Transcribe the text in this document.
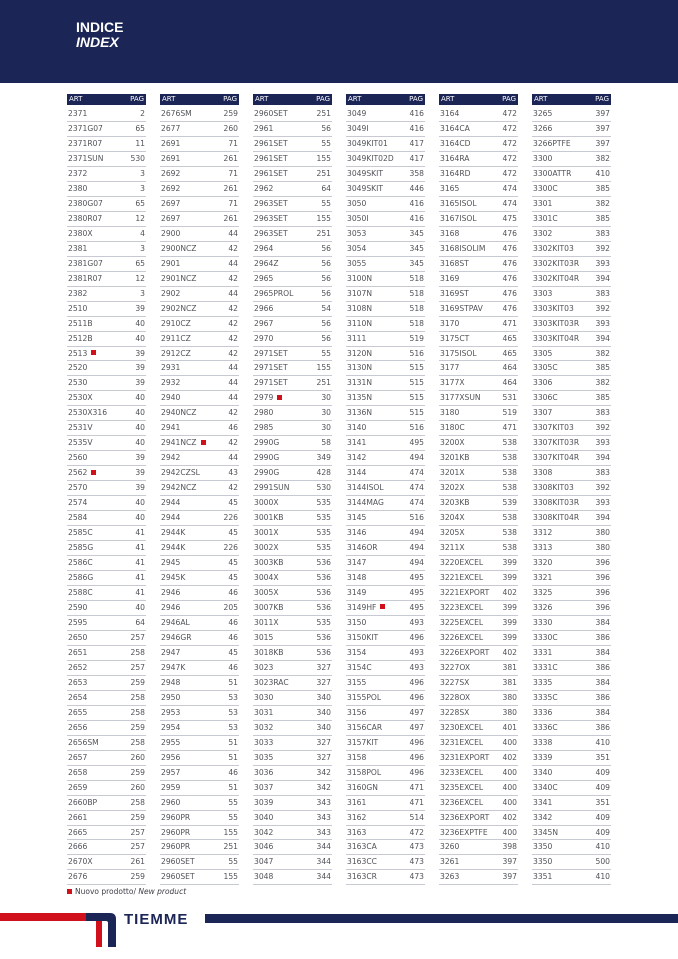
INDICE
INDEX
ART	PAG
2371	2
2371G07	65
2371R07	11
2371SUN	530
2372	3
2380	3
2380G07	65
2380R07	12
2380X	4
2381	3
2381G07	65
2381R07	12
2382	3
2510	39
2511B	40
2512B	40
2513	39
2520	39
2530	39
2530X	40
2530X316	40
2531V	40
2535V	40
2560	39
2562	39
2570	39
2574	40
2584	40
2585C	41
2585G	41
2586C	41
2586G	41
2588C	41
2590	40
2595	64
2650	257
2651	258
2652	257
2653	259
2654	258
2655	258
2656	259
2656SM	258
2657	260
2658	259
2659	260
2660BP	258
2661	259
2665	257
2666	257
2670X	261
2676	259
ART	PAG
2676SM	259
2677	260
2691	71
2691	261
2692	71
2692	261
2697	71
2697	261
2900	44
2900NCZ	42
2901	44
2901NCZ	42
2902	44
2902NCZ	42
2910CZ	42
2911CZ	42
2912CZ	42
2931	44
2932	44
2940	44
2940NCZ	42
2941	46
2941NCZ	42
2942	44
2942CZSL	43
2942NCZ	42
2944	45
2944	226
2944K	45
2944K	226
2945	45
2945K	45
2946	46
2946	205
2946AL	46
2946GR	46
2947	45
2947K	46
2948	51
2950	53
2953	53
2954	53
2955	51
2956	51
2957	46
2959	51
2960	55
2960PR	55
2960PR	155
2960PR	251
2960SET	55
2960SET	155
ART	PAG
2960SET	251
2961	56
2961SET	55
2961SET	155
2961SET	251
2962	64
2963SET	55
2963SET	155
2963SET	251
2964	56
2964Z	56
2965	56
2965PROL	56
2966	54
2967	56
2970	56
2971SET	55
2971SET	155
2971SET	251
2979	30
2980	30
2985	30
2990G	58
2990G	349
2990G	428
2991SUN	530
3000X	535
3001KB	535
3001X	535
3002X	535
3003KB	536
3004X	536
3005X	536
3007KB	536
3011X	535
3015	536
3018KB	536
3023	327
3023RAC	327
3030	340
3031	340
3032	340
3033	327
3035	327
3036	342
3037	342
3039	343
3040	343
3042	343
3046	344
3047	344
3048	344
ART	PAG
3049	416
3049I	416
3049KIT01	417
3049KIT02D 417
3049SKIT	358
3049SKIT	446
3050	416
3050I	416
3053	345
3054	345
3055	345
3100N	518
3107N	518
3108N	518
3110N	518
3111	519
3120N	516
3130N	515
3131N	515
3135N	515
3136N	515
3140	516
3141	495
3142	494
3144	474
3144ISOL	474
3144MAG	474
3145	516
3146	494
3146OR	494
3147	494
3148	495
3149	495
3149HF	495
3150	493
3150KIT	496
3154	493
3154C	493
3155	496
3155POL	496
3156	497
3156CAR	497
3157KIT	496
3158	496
3158POL	496
3160GN	471
3161	471
3162	514
3163	472
3163CA	473
3163CC	473
3163CR	473
ART	PAG
3164	472
3164CA	472
3164CD	472
3164RA	472
3164RD	472
3165	474
3165ISOL	474
3167ISOL	475
3168	476
3168ISOLIM 476
3168ST	476
3169	476
3169ST	476
3169STPAV	476
3170	471
3175CT	465
3175ISOL	465
3177	464
3177X	464
3177XSUN	531
3180	519
3180C	471
3200X	538
3201KB	538
3201X	538
3202X	538
3203KB	539
3204X	538
3205X	538
3211X	538
3220EXCEL	399
3221EXCEL	399
3221EXPORT 402
3223EXCEL	399
3225EXCEL	399
3226EXCEL	399
3226EXPORT 402
3227OX	381
3227SX	381
3228OX	380
3228SX	380
3230EXCEL	401
3231EXCEL	400
3231EXPORT 402
3233EXCEL	400
3235EXCEL	400
3236EXCEL	400
3236EXPORT 402
3236EXPTFE 400
3260	398
3261	397
3263	397
ART	PAG
3265	397
3266	397
3266PTFE	397
3300	382
3300ATTR	410
3300C	385
3301	382
3301C	385
3302	383
3302KIT03	392
3302KIT03R 393
3302KIT04R 394
3303	383
3303KIT03	392
3303KIT03R 393
3303KIT04R 394
3305	382
3305C	385
3306	382
3306C	385
3307	383
3307KIT03	392
3307KIT03R 393
3307KIT04R 394
3308	383
3308KIT03	392
3308KIT03R 393
3308KIT04R 394
3312	380
3313	380
3320	396
3321	396
3325	396
3326	396
3330	384
3330C	386
3331	384
3331C	386
3335	384
3335C	386
3336	384
3336C	386
3338	410
3339	351
3340	409
3340C	409
3341	351
3342	409
3345N	409
3350	410
3350	500
3351	410
Nuovo prodotto/ New product
TIEMME
